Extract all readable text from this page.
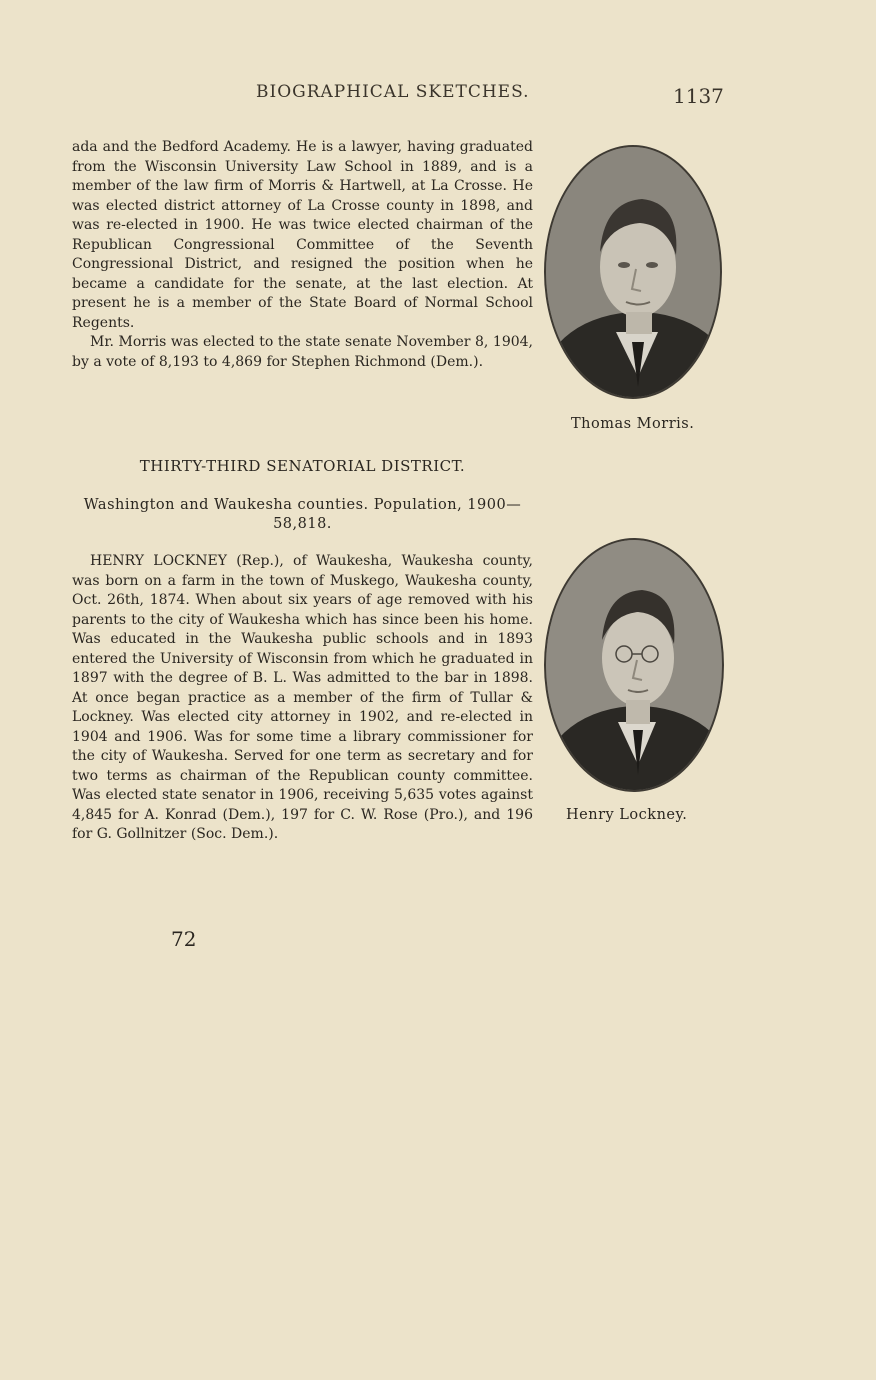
BIOGRAPHICAL SKETCHES.	1137

ada and the Bedford Academy. He is a lawyer, having graduated from the Wisconsin University Law School in 1889, and is a member of the law firm of Morris & Hartwell, at La Crosse. He was elected district attorney of La Crosse county in 1898, and was re-elected in 1900. He was twice elected chairman of the Republican Congressional Committee of the Seventh Congressional District, and resigned the position when he became a candidate for the senate, at the last election. At present he is a member of the State Board of Normal School Regents.

Mr. Morris was elected to the state senate November 8, 1904, by a vote of 8,193 to 4,869 for Stephen Richmond (Dem.).

Thomas Morris.
THIRTY-THIRD SENATORIAL DISTRICT.
Washington and Waukesha counties. Population, 1900—58,818.

HENRY LOCKNEY (Rep.), of Waukesha, Waukesha county, was born on a farm in the town of Muskego, Waukesha county, Oct. 26th, 1874. When about six years of age removed with his parents to the city of Waukesha which has since been his home. Was educated in the Waukesha public schools and in 1893 entered the University of Wisconsin from which he graduated in 1897 with the degree of B. L. Was admitted to the bar in 1898. At once began practice as a member of the firm of Tullar & Lockney. Was elected city attorney in 1902, and re-elected in 1904 and 1906. Was for some time a library commissioner for the city of Waukesha. Served for one term as secretary and for two terms as chairman of the Republican county committee. Was elected state senator in 1906, receiving 5,635 votes against 4,845 for A. Konrad (Dem.), 197 for C. W. Rose (Pro.), and 196 for G. Gollnitzer (Soc. Dem.).

Henry Lockney.
72
